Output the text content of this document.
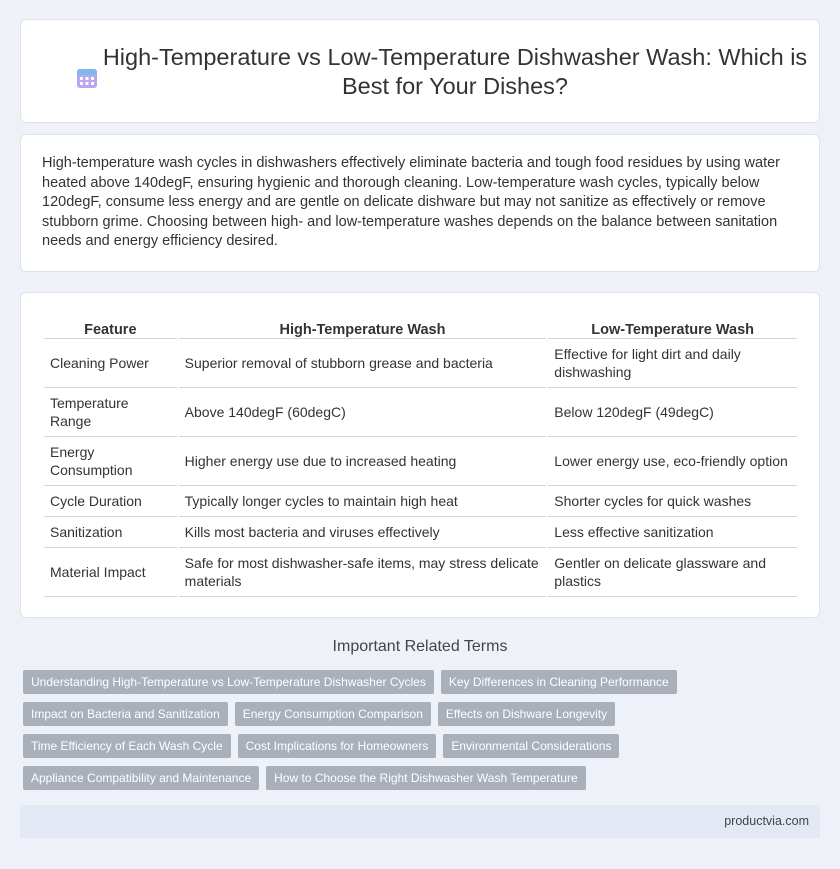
High-Temperature vs Low-Temperature Dishwasher Wash: Which is Best for Your Dishes?

High-temperature wash cycles in dishwashers effectively eliminate bacteria and tough food residues by using water heated above 140degF, ensuring hygienic and thorough cleaning. Low-temperature wash cycles, typically below 120degF, consume less energy and are gentle on delicate dishware but may not sanitize as effectively or remove stubborn grime. Choosing between high- and low-temperature washes depends on the balance between sanitation needs and energy efficiency desired.

Feature	High-Temperature Wash	Low-Temperature Wash
Cleaning Power	Superior removal of stubborn grease and bacteria	Effective for light dirt and daily dishwashing
Temperature Range	Above 140degF (60degC)	Below 120degF (49degC)
Energy Consumption	Higher energy use due to increased heating	Lower energy use, eco-friendly option
Cycle Duration	Typically longer cycles to maintain high heat	Shorter cycles for quick washes
Sanitization	Kills most bacteria and viruses effectively	Less effective sanitization
Material Impact	Safe for most dishwasher-safe items, may stress delicate materials	Gentler on delicate glassware and plastics
Important Related Terms
Understanding High-Temperature vs Low-Temperature Dishwasher Cycles	Key Differences in Cleaning Performance
Impact on Bacteria and Sanitization	Energy Consumption Comparison	Effects on Dishware Longevity
Time Efficiency of Each Wash Cycle	Cost Implications for Homeowners	Environmental Considerations
Appliance Compatibility and Maintenance	How to Choose the Right Dishwasher Wash Temperature
productvia.com
